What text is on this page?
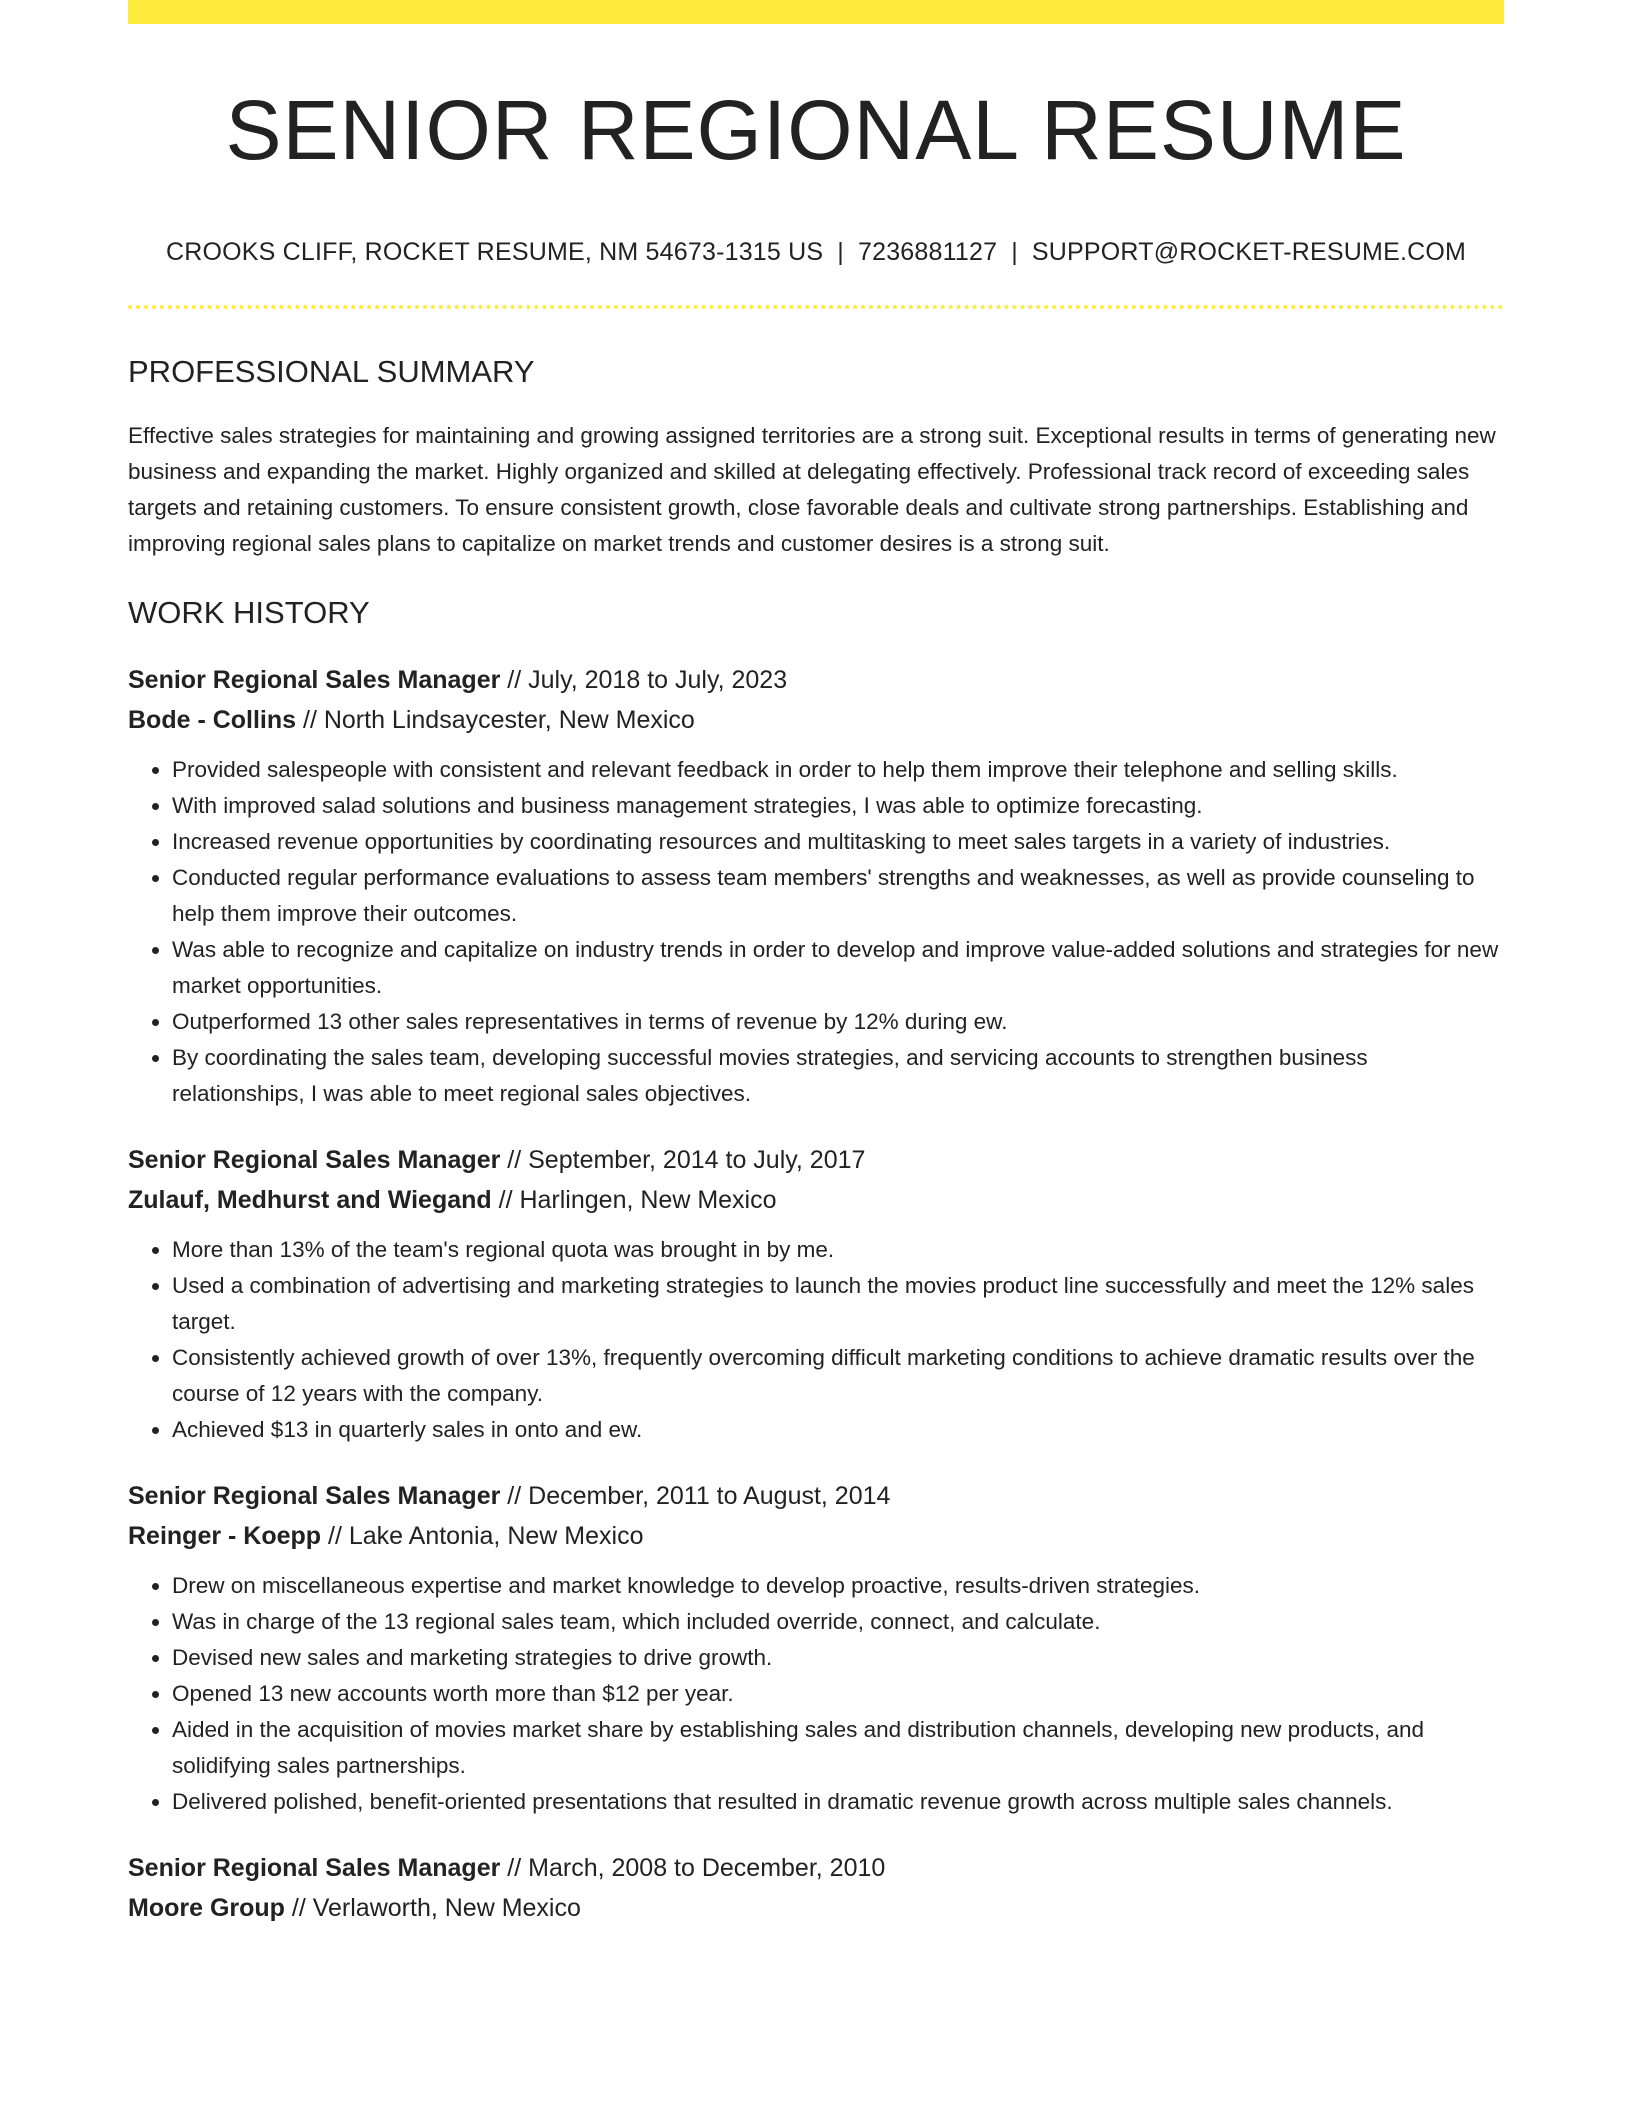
SENIOR REGIONAL RESUME
CROOKS CLIFF, ROCKET RESUME, NM 54673-1315 US | 7236881127 | SUPPORT@ROCKET-RESUME.COM
PROFESSIONAL SUMMARY

Effective sales strategies for maintaining and growing assigned territories are a strong suit. Exceptional results in terms of generating new business and expanding the market. Highly organized and skilled at delegating effectively. Professional track record of exceeding sales targets and retaining customers. To ensure consistent growth, close favorable deals and cultivate strong partnerships. Establishing and improving regional sales plans to capitalize on market trends and customer desires is a strong suit.

WORK HISTORY
Senior Regional Sales Manager // July, 2018 to July, 2023
Bode - Collins // North Lindsaycester, New Mexico
• Provided salespeople with consistent and relevant feedback in order to help them improve their telephone and selling skills.
• With improved salad solutions and business management strategies, I was able to optimize forecasting.
• Increased revenue opportunities by coordinating resources and multitasking to meet sales targets in a variety of industries.
• Conducted regular performance evaluations to assess team members' strengths and weaknesses, as well as provide counseling to help them improve their outcomes.
• Was able to recognize and capitalize on industry trends in order to develop and improve value-added solutions and strategies for new market opportunities.
• Outperformed 13 other sales representatives in terms of revenue by 12% during ew.
• By coordinating the sales team, developing successful movies strategies, and servicing accounts to strengthen business relationships, I was able to meet regional sales objectives.
Senior Regional Sales Manager // September, 2014 to July, 2017
Zulauf, Medhurst and Wiegand // Harlingen, New Mexico
• More than 13% of the team's regional quota was brought in by me.
• Used a combination of advertising and marketing strategies to launch the movies product line successfully and meet the 12% sales target.
• Consistently achieved growth of over 13%, frequently overcoming difficult marketing conditions to achieve dramatic results over the course of 12 years with the company.
• Achieved $13 in quarterly sales in onto and ew.
Senior Regional Sales Manager // December, 2011 to August, 2014
Reinger - Koepp // Lake Antonia, New Mexico
• Drew on miscellaneous expertise and market knowledge to develop proactive, results-driven strategies.
• Was in charge of the 13 regional sales team, which included override, connect, and calculate.
• Devised new sales and marketing strategies to drive growth.
• Opened 13 new accounts worth more than $12 per year.
• Aided in the acquisition of movies market share by establishing sales and distribution channels, developing new products, and solidifying sales partnerships.
• Delivered polished, benefit-oriented presentations that resulted in dramatic revenue growth across multiple sales channels.
Senior Regional Sales Manager // March, 2008 to December, 2010
Moore Group // Verlaworth, New Mexico
